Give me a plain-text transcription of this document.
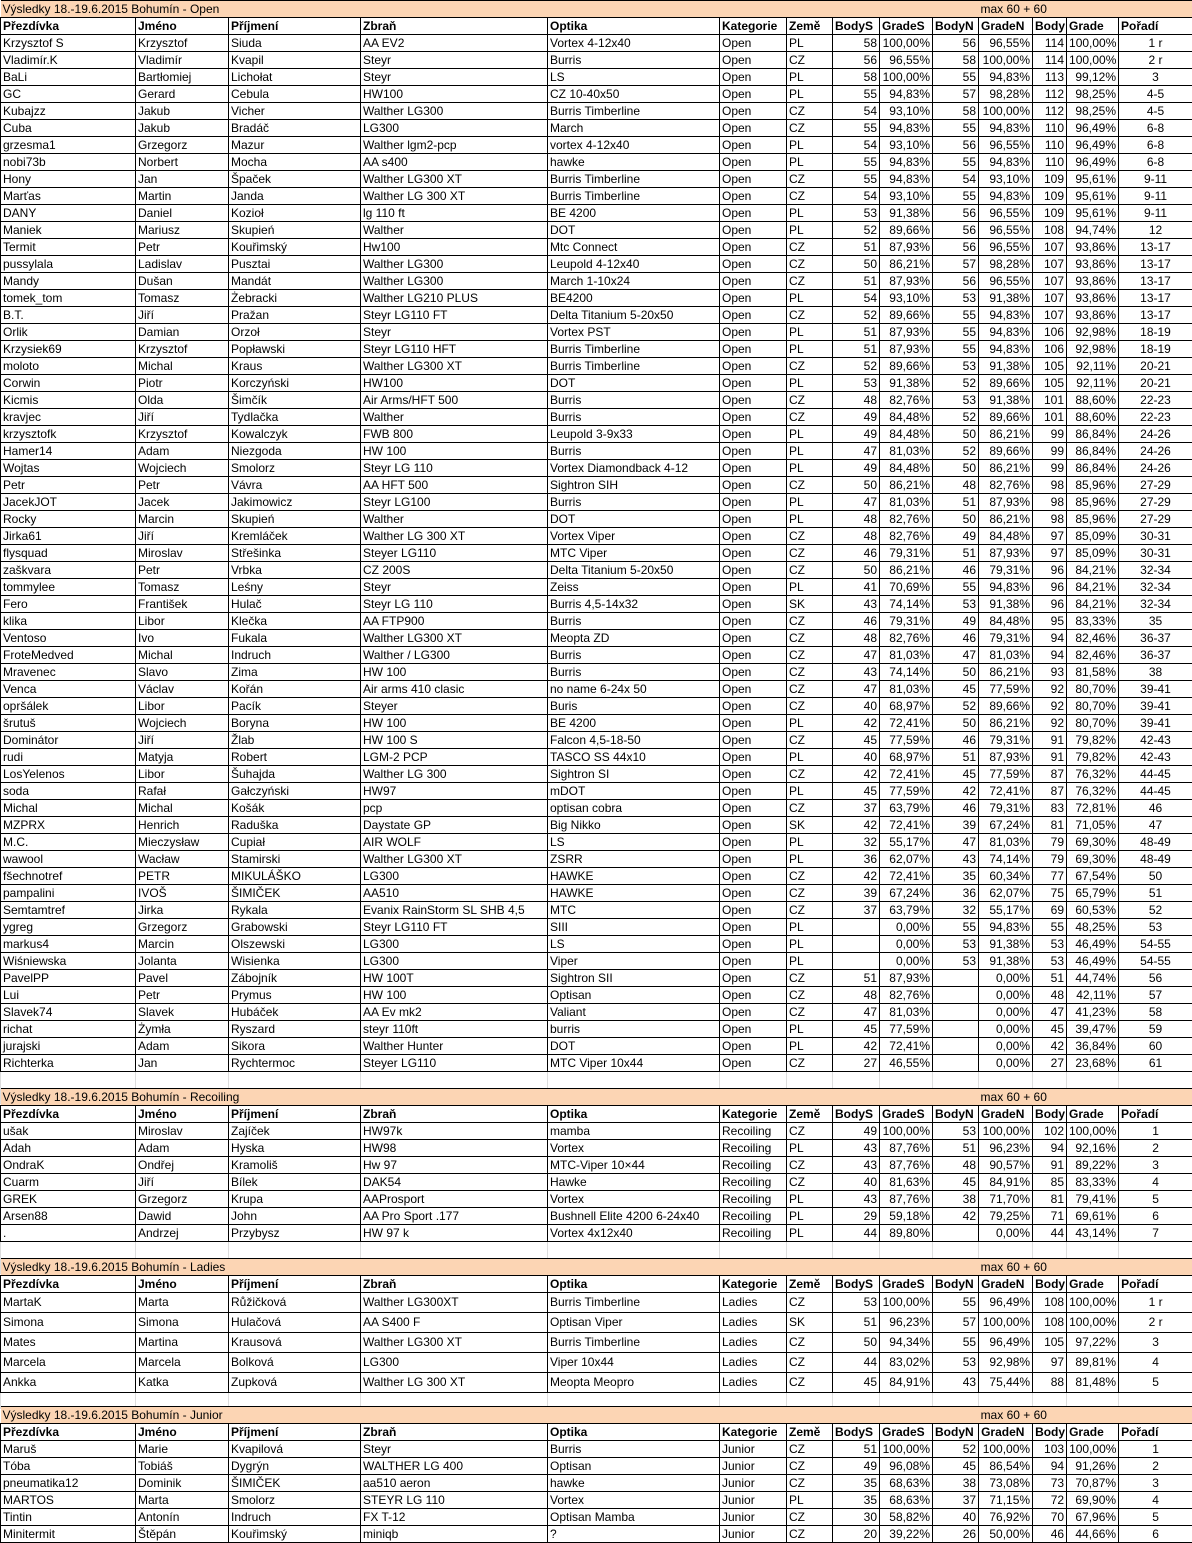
Výsledky 18.-19.6.2015 Bohumín - Open										max 60 + 60			
Přezdívka	Jméno	Příjmení	Zbraň	Optika	Kategorie	Země	BodyS	GradeS	BodyN	GradeN	Body	Grade	Pořadí
Krzysztof S	Krzysztof	Siuda	AA EV2	Vortex 4-12x40	Open	PL	58	100,00%	56	96,55%	114	100,00%	1 r
Vladimír.K	Vladimír	Kvapil	Steyr	Burris	Open	CZ	56	96,55%	58	100,00%	114	100,00%	2 r
BaLi	Bartłomiej	Lichołat	Steyr	LS	Open	PL	58	100,00%	55	94,83%	113	99,12%	3
GC	Gerard	Cebula	HW100	CZ 10-40x50	Open	PL	55	94,83%	57	98,28%	112	98,25%	4-5
Kubajzz	Jakub	Vicher	Walther LG300	Burris Timberline	Open	CZ	54	93,10%	58	100,00%	112	98,25%	4-5
Cuba	Jakub	Bradáč	LG300	March	Open	CZ	55	94,83%	55	94,83%	110	96,49%	6-8
grzesma1	Grzegorz	Mazur	Walther lgm2-pcp	vortex 4-12x40	Open	PL	54	93,10%	56	96,55%	110	96,49%	6-8
nobi73b	Norbert	Mocha	AA s400	hawke	Open	PL	55	94,83%	55	94,83%	110	96,49%	6-8
Hony	Jan	Špaček	Walther LG300 XT	Burris Timberline	Open	CZ	55	94,83%	54	93,10%	109	95,61%	9-11
Marťas	Martin	Janda	Walther LG 300 XT	Burris Timberline	Open	CZ	54	93,10%	55	94,83%	109	95,61%	9-11
DANY	Daniel	Kozioł	lg 110 ft	BE 4200	Open	PL	53	91,38%	56	96,55%	109	95,61%	9-11
Maniek	Mariusz	Skupień	Walther	DOT	Open	PL	52	89,66%	56	96,55%	108	94,74%	12
Termit	Petr	Kouřimský	Hw100	Mtc Connect	Open	CZ	51	87,93%	56	96,55%	107	93,86%	13-17
pussylala	Ladislav	Pusztai	Walther LG300	Leupold 4-12x40	Open	CZ	50	86,21%	57	98,28%	107	93,86%	13-17
Mandy	Dušan	Mandát	Walther LG300	March 1-10x24	Open	CZ	51	87,93%	56	96,55%	107	93,86%	13-17
tomek_tom	Tomasz	Żebracki	Walther LG210 PLUS	BE4200	Open	PL	54	93,10%	53	91,38%	107	93,86%	13-17
B.T.	Jiří	Pražan	Steyr LG110 FT	Delta Titanium 5-20x50	Open	CZ	52	89,66%	55	94,83%	107	93,86%	13-17
Orlik	Damian	Orzoł	Steyr	Vortex PST	Open	PL	51	87,93%	55	94,83%	106	92,98%	18-19
Krzysiek69	Krzysztof	Popławski	Steyr LG110 HFT	Burris Timberline	Open	PL	51	87,93%	55	94,83%	106	92,98%	18-19
moloto	Michal	Kraus	Walther LG300 XT	Burris Timberline	Open	CZ	52	89,66%	53	91,38%	105	92,11%	20-21
Corwin	Piotr	Korczyński	HW100	DOT	Open	PL	53	91,38%	52	89,66%	105	92,11%	20-21
Kicmis	Olda	Šimčík	Air Arms/HFT 500	Burris	Open	CZ	48	82,76%	53	91,38%	101	88,60%	22-23
kravjec	Jiří	Tydlačka	Walther	Burris	Open	CZ	49	84,48%	52	89,66%	101	88,60%	22-23
krzysztofk	Krzysztof	Kowalczyk	FWB 800	Leupold 3-9x33	Open	PL	49	84,48%	50	86,21%	99	86,84%	24-26
Hamer14	Adam	Niezgoda	HW 100	Burris	Open	PL	47	81,03%	52	89,66%	99	86,84%	24-26
Wojtas	Wojciech	Smolorz	Steyr LG 110	Vortex Diamondback 4-12	Open	PL	49	84,48%	50	86,21%	99	86,84%	24-26
Petr	Petr	Vávra	AA HFT 500	Sightron SIH	Open	CZ	50	86,21%	48	82,76%	98	85,96%	27-29
JacekJOT	Jacek	Jakimowicz	Steyr LG100	Burris	Open	PL	47	81,03%	51	87,93%	98	85,96%	27-29
Rocky	Marcin	Skupień	Walther	DOT	Open	PL	48	82,76%	50	86,21%	98	85,96%	27-29
Jirka61	Jiří	Kremláček	Walther LG 300 XT	Vortex Viper	Open	CZ	48	82,76%	49	84,48%	97	85,09%	30-31
flysquad	Miroslav	Střešinka	Steyer LG110	MTC Viper	Open	CZ	46	79,31%	51	87,93%	97	85,09%	30-31
zaškvara	Petr	Vrbka	CZ 200S	Delta Titanium 5-20x50	Open	CZ	50	86,21%	46	79,31%	96	84,21%	32-34
tommylee	Tomasz	Leśny	Steyr	Zeiss	Open	PL	41	70,69%	55	94,83%	96	84,21%	32-34
Fero	František	Hulač	Steyr LG 110	Burris 4,5-14x32	Open	SK	43	74,14%	53	91,38%	96	84,21%	32-34
klika	Libor	Klečka	AA FTP900	Burris	Open	CZ	46	79,31%	49	84,48%	95	83,33%	35
Ventoso	Ivo	Fukala	Walther LG300 XT	Meopta ZD	Open	CZ	48	82,76%	46	79,31%	94	82,46%	36-37
FroteMedved	Michal	Indruch	Walther / LG300	Burris	Open	CZ	47	81,03%	47	81,03%	94	82,46%	36-37
Mravenec	Slavo	Zima	HW 100	Burris	Open	CZ	43	74,14%	50	86,21%	93	81,58%	38
Venca	Václav	Kořán	Air arms 410 clasic	no name 6-24x 50	Open	CZ	47	81,03%	45	77,59%	92	80,70%	39-41
opršálek	Libor	Pacík	Steyer	Buris	Open	CZ	40	68,97%	52	89,66%	92	80,70%	39-41
šrutuš	Wojciech	Boryna	HW 100	BE 4200	Open	PL	42	72,41%	50	86,21%	92	80,70%	39-41
Dominátor	Jiří	Žlab	HW 100 S	Falcon 4,5-18-50	Open	CZ	45	77,59%	46	79,31%	91	79,82%	42-43
rudi	Matyja	Robert	LGM-2 PCP	TASCO SS 44x10	Open	PL	40	68,97%	51	87,93%	91	79,82%	42-43
LosYelenos	Libor	Šuhajda	Walther LG 300	Sightron SI	Open	CZ	42	72,41%	45	77,59%	87	76,32%	44-45
soda	Rafał	Gałczyński	HW97	mDOT	Open	PL	45	77,59%	42	72,41%	87	76,32%	44-45
Michal	Michal	Košák	pcp	optisan cobra	Open	CZ	37	63,79%	46	79,31%	83	72,81%	46
MZPRX	Henrich	Raduška	Daystate GP	Big Nikko	Open	SK	42	72,41%	39	67,24%	81	71,05%	47
M.C.	Mieczysław	Cupiał	AIR WOLF	LS	Open	PL	32	55,17%	47	81,03%	79	69,30%	48-49
wawool	Wacław	Stamirski	Walther LG300 XT	ZSRR	Open	PL	36	62,07%	43	74,14%	79	69,30%	48-49
fšechnotref	PETR	MIKULÁŠKO	LG300	HAWKE	Open	CZ	42	72,41%	35	60,34%	77	67,54%	50
pampalini	IVOŠ	ŠIMIČEK	AA510	HAWKE	Open	CZ	39	67,24%	36	62,07%	75	65,79%	51
Semtamtref	Jirka	Rykala	Evanix RainStorm SL SHB 4,5	MTC	Open	CZ	37	63,79%	32	55,17%	69	60,53%	52
ygreg	Grzegorz	Grabowski	Steyr LG110 FT	SIII	Open	PL		0,00%	55	94,83%	55	48,25%	53
markus4	Marcin	Olszewski	LG300	LS	Open	PL		0,00%	53	91,38%	53	46,49%	54-55
Wiśniewska	Jolanta	Wisienka	LG300	Viper	Open	PL		0,00%	53	91,38%	53	46,49%	54-55
PavelPP	Pavel	Zábojník	HW 100T	Sightron SII	Open	CZ	51	87,93%		0,00%	51	44,74%	56
Lui	Petr	Prymus	HW 100	Optisan	Open	CZ	48	82,76%		0,00%	48	42,11%	57
Slavek74	Slavek	Hubáček	AA Ev mk2	Valiant	Open	CZ	47	81,03%		0,00%	47	41,23%	58
richat	Żymła	Ryszard	steyr 110ft	burris	Open	PL	45	77,59%		0,00%	45	39,47%	59
jurajski	Adam	Sikora	Walther Hunter	DOT	Open	PL	42	72,41%		0,00%	42	36,84%	60
Richterka	Jan	Rychtermoc	Steyer LG110	MTC Viper 10x44	Open	CZ	27	46,55%		0,00%	27	23,68%	61

Výsledky 18.-19.6.2015 Bohumín - Recoiling										max 60 + 60			
Přezdívka	Jméno	Příjmení	Zbraň	Optika	Kategorie	Země	BodyS	GradeS	BodyN	GradeN	Body	Grade	Pořadí
ušak	Miroslav	Zajíček	HW97k	mamba	Recoiling	CZ	49	100,00%	53	100,00%	102	100,00%	1
Adah	Adam	Hyska	HW98	Vortex	Recoiling	PL	43	87,76%	51	96,23%	94	92,16%	2
OndraK	Ondřej	Kramoliš	Hw 97	MTC-Viper 10×44	Recoiling	CZ	43	87,76%	48	90,57%	91	89,22%	3
Cuarm	Jiří	Bílek	DAK54	Hawke	Recoiling	CZ	40	81,63%	45	84,91%	85	83,33%	4
GREK	Grzegorz	Krupa	AAProsport	Vortex	Recoiling	PL	43	87,76%	38	71,70%	81	79,41%	5
Arsen88	Dawid	John	AA Pro Sport .177	Bushnell Elite 4200 6-24x40	Recoiling	PL	29	59,18%	42	79,25%	71	69,61%	6
.	Andrzej	Przybysz	HW 97 k	Vortex 4x12x40	Recoiling	PL	44	89,80%		0,00%	44	43,14%	7

Výsledky 18.-19.6.2015 Bohumín - Ladies										max 60 + 60			
Přezdívka	Jméno	Příjmení	Zbraň	Optika	Kategorie	Země	BodyS	GradeS	BodyN	GradeN	Body	Grade	Pořadí
MartaK	Marta	Růžičková	Walther LG300XT	Burris Timberline	Ladies	CZ	53	100,00%	55	96,49%	108	100,00%	1 r
Simona	Simona	Hulačová	AA S400 F	Optisan Viper	Ladies	SK	51	96,23%	57	100,00%	108	100,00%	2 r
Mates	Martina	Krausová	Walther LG300 XT	Burris Timberline	Ladies	CZ	50	94,34%	55	96,49%	105	97,22%	3
Marcela	Marcela	Bolková	LG300	Viper 10x44	Ladies	CZ	44	83,02%	53	92,98%	97	89,81%	4
Ankka	Katka	Zupková	Walther LG 300 XT	Meopta Meopro	Ladies	CZ	45	84,91%	43	75,44%	88	81,48%	5

Výsledky 18.-19.6.2015 Bohumín - Junior										max 60 + 60			
Přezdívka	Jméno	Příjmení	Zbraň	Optika	Kategorie	Země	BodyS	GradeS	BodyN	GradeN	Body	Grade	Pořadí
Maruš	Marie	Kvapilová	Steyr	Burris	Junior	CZ	51	100,00%	52	100,00%	103	100,00%	1
Tóba	Tobiáš	Dygrýn	WALTHER LG 400	Optisan	Junior	CZ	49	96,08%	45	86,54%	94	91,26%	2
pneumatika12	Dominik	ŠIMIČEK	aa510 aeron	hawke	Junior	CZ	35	68,63%	38	73,08%	73	70,87%	3
MARTOS	Marta	Smolorz	STEYR LG 110	Vortex	Junior	PL	35	68,63%	37	71,15%	72	69,90%	4
Tintin	Antonín	Indruch	FX T-12	Optisan Mamba	Junior	CZ	30	58,82%	40	76,92%	70	67,96%	5
Minitermit	Štěpán	Kouřimský	miniqb	?	Junior	CZ	20	39,22%	26	50,00%	46	44,66%	6
